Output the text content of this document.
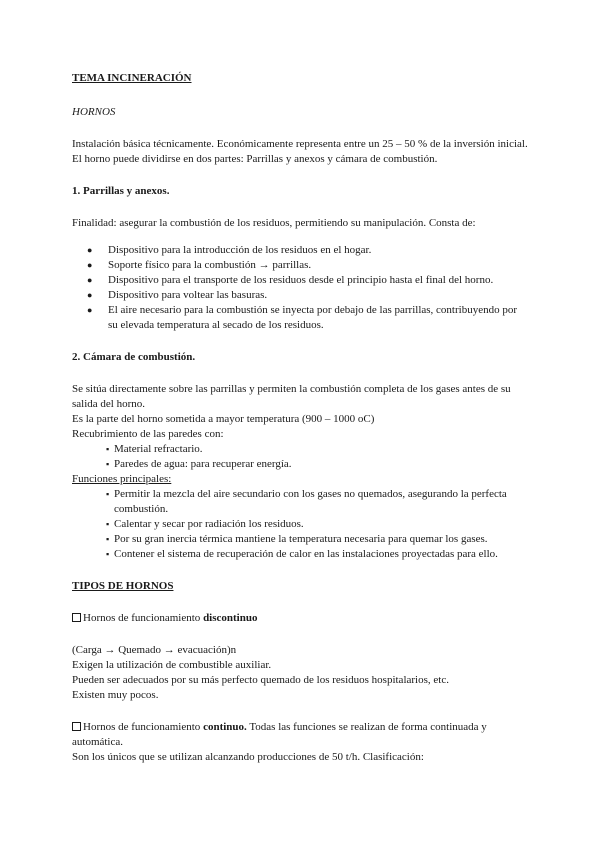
TEMA INCINERACIÓN

HORNOS

Instalación básica técnicamente. Económicamente representa entre un 25 – 50 % de la inversión inicial.

El horno puede dividirse en dos partes: Parrillas y anexos y cámara de combustión.

1. Parrillas y anexos.

Finalidad: asegurar la combustión de los residuos, permitiendo su manipulación. Consta de:

● Dispositivo para la introducción de los residuos en el hogar.
● Soporte físico para la combustión → parrillas.
● Dispositivo para el transporte de los residuos desde el principio hasta el final del horno.
● Dispositivo para voltear las basuras.
● El aire necesario para la combustión se inyecta por debajo de las parrillas, contribuyendo por su elevada temperatura al secado de los residuos.

2. Cámara de combustión.

Se sitúa directamente sobre las parrillas y permiten la combustión completa de los gases antes de su salida del horno.

Es la parte del horno sometida a mayor temperatura (900 – 1000 oC)

Recubrimiento de las paredes con:

▪ Material refractario.
▪ Paredes de agua: para recuperar energía.

Funciones principales:

▪ Permitir la mezcla del aire secundario con los gases no quemados, asegurando la perfecta combustión.
▪ Calentar y secar por radiación los residuos.
▪ Por su gran inercia térmica mantiene la temperatura necesaria para quemar los gases.
▪ Contener el sistema de recuperación de calor en las instalaciones proyectadas para ello.

TIPOS DE HORNOS

Hornos de funcionamiento discontinuo

(Carga → Quemado → evacuación)n

Exigen la utilización de combustible auxiliar.

Pueden ser adecuados por su más perfecto quemado de los residuos hospitalarios, etc.

Existen muy pocos.

Hornos de funcionamiento continuo. Todas las funciones se realizan de forma continuada y automática.

Son los únicos que se utilizan alcanzando producciones de 50 t/h. Clasificación:
